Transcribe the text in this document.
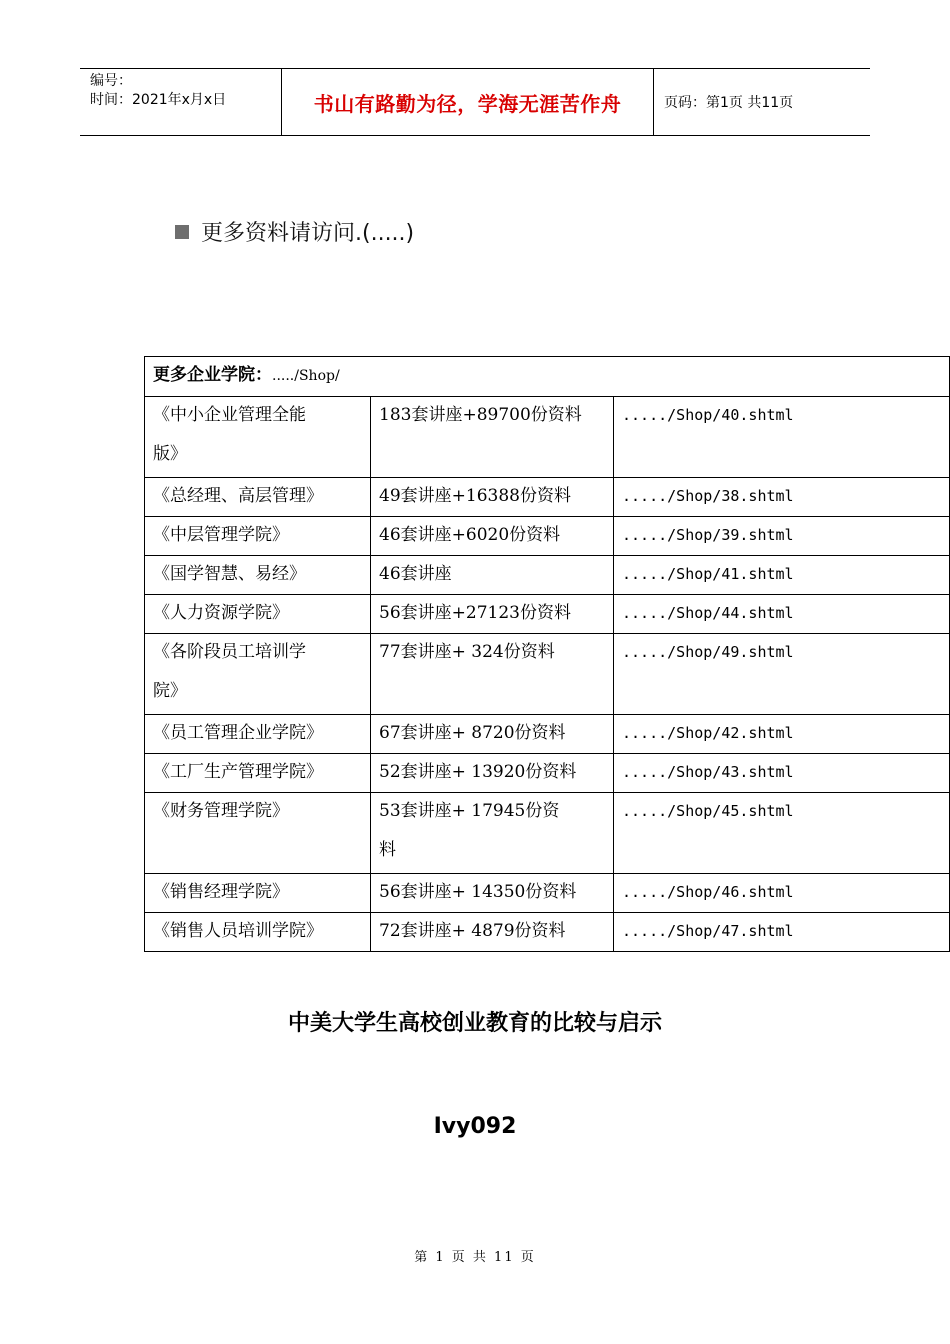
编号：
时间：2021年x月x日	书山有路勤为径，学海无涯苦作舟	页码：第1页 共11页
更多资料请访问.(.....)
更多企业学院：...../Shop/		

《中小企业管理全能
版》	183套讲座+89700份资料	...../Shop/40.shtml

《总经理、高层管理》	49套讲座+16388份资料	...../Shop/38.shtml

《中层管理学院》	46套讲座+6020份资料	...../Shop/39.shtml

《国学智慧、易经》	46套讲座	...../Shop/41.shtml

《人力资源学院》	56套讲座+27123份资料	...../Shop/44.shtml

《各阶段员工培训学
院》	77套讲座+ 324份资料	...../Shop/49.shtml

《员工管理企业学院》	67套讲座+ 8720份资料	...../Shop/42.shtml

《工厂生产管理学院》	52套讲座+ 13920份资料	...../Shop/43.shtml

《财务管理学院》	53套讲座+ 17945份资
料	...../Shop/45.shtml

《销售经理学院》	56套讲座+ 14350份资料	...../Shop/46.shtml

《销售人员培训学院》	72套讲座+ 4879份资料	...../Shop/47.shtml
中美大学生高校创业教育的比较与启示
Ivy092
第 1 页 共 11 页
